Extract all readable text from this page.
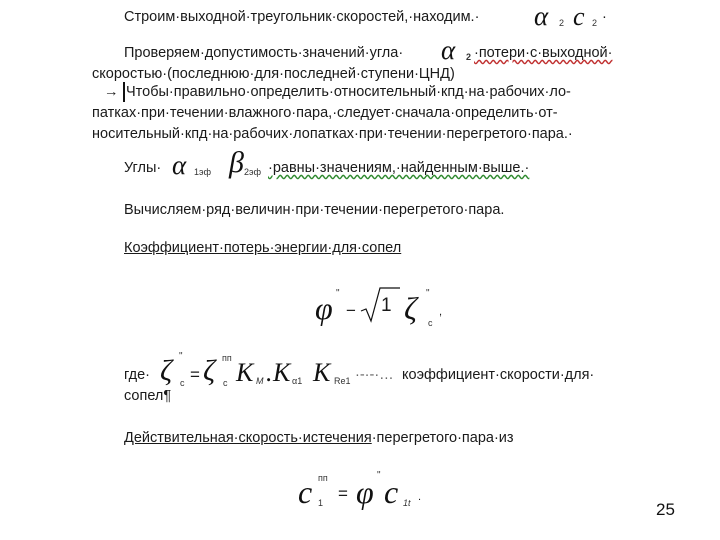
Строим·выходной·треугольник·скоростей,·находим.· α 2 c 2 ·
Проверяем·допустимость·значений·угла· α 2 ·потери·с·выходной·
скоростью·(последнюю·для·последней·ступени·ЦНД)
→ Чтобы·правильно·определить·относительный·кпд·на·рабочих·ло-
патках·при·течении·влажного·пара,·следует·сначала·определить·от-
носительный·кпд·на·рабочих·лопатках·при·течении·перегретого·пара.·
Углы· α 1эф β 2эф ·равны·значениям,·найденным·выше.·
Вычисляем·ряд·величин·при·течении·перегретого·пара.
Коэффициент·потерь·энергии·для·сопел
φ "
− 1 ζ "
c
,
где· ζ "
c = ζ пп
c K M . K α1 K Re1 ·-·-·… коэффициент·скорости·для·
сопел¶
Действительная·скорость·истечения·перегретого·пара·из
c пп
1 = φ " c 1t .
25
